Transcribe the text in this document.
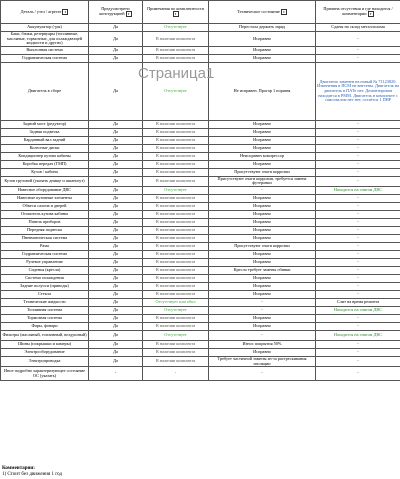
Деталь / узел / агрегат ▾	Предусмотрено конструкцией ▾	Примечания по комплектности ▾	Техническое состояние ▾	Причина отсутствия и где находится / комментарии ▾
Аккумулятор (-ры)	Да	Отсутствует	Перестала держать заряд	Сданы на склад металлолома
Баки, бачки, резервуары (топливные, масляные, тормозные, для охлаждающей жидкости и других)	Да	В наличии комплекта	Исправно	-
Выхлопная система	Да	В наличии комплекта	Исправно	-
Гидравлическая система	Да	В наличии комплекта	Исправно	-
Двигатель в сборе	Да	Отсутствует	Не исправен. Прогар 1 поршня	Двигатель заменен на новый № 71123820. Изменения в ПСМ не внесены. Двигатель на двигатель в ПАТе нет. Демонтирован находится в РММ. Двигатель в комплекте с самосвалом нет нет, остаётся 1 ПНР
Задний мост (редуктор)	Да	В наличии комплекта	Исправно	-
Задняя подвеска	Да	В наличии комплекта	Исправно	-
Карданный вал задний	Да	В наличии комплекта	Исправно	-
Колесные диски	Да	В наличии комплекта	Исправно	-
Кондиционер кузова кабины	Да	В наличии комплекта	Неисправен компрессор	-
Коробка передач (ГМП)	Да	В наличии комплекта	Исправно	-
Кузов / кабина	Да	В наличии комплекта	Присутствуют очаги коррозии	-
Кузов грузовой (указать днище и шпангоут)	Да	В наличии комплекта	Присутствуют очаги коррозии, требуется замена футеровки	-
Навесное оборудование ДВС	Да	Отсутствует	-	Находится на снятом ДВС
Навесные кузовные элементы	Да	В наличии комплекта	Исправно	-
Обвеси салона и дверей	Да	В наличии комплекта	Исправно	-
Отопитель кузова кабины	Да	В наличии комплекта	Исправно	-
Панель приборов	Да	В наличии комплекта	Исправно	-
Передняя подвеска	Да	В наличии комплекта	Исправно	-
Пневматическая система	Да	В наличии комплекта	Исправно	-
Рама	Да	В наличии комплекта	Присутствуют очаги коррозии	-
Гидравлическая система	Да	В наличии комплекта	Исправно	-
Рулевое управление	Да	В наличии комплекта	Исправно	-
Сиденья (кресла)	Да	В наличии комплекта	Кресло требует замены обивки	-
Система охлаждения	Да	В наличии комплекта	Исправно	-
Задние полуоси (приводы)	Да	В наличии комплекта	Исправно	-
Стекла	Да	В наличии комплекта	Исправно	-
Технические жидкости	Да	Отсутствует или обкл	-	Слит на время ремонта
Топливная система	Да	Отсутствует	-	Находится на снятом ДВС
Тормозная система	Да	В наличии комплекта	Исправно	-
Фары, фонари	Да	В наличии комплекта	Исправно	-
Фильтры (масляный, топливный, воздушный)	Да	Отсутствует	-	Находится на снятом ДВС
Шины (покрышки и камеры)	Да	В наличии комплекта	Износ покрытия 50%	-
Электрооборудование	Да	В наличии комплекта	Исправно	-
Электропроводка	Да	В наличии комплекта	Требует частичной замены из-за растрескивания изоляции	-
Иное подробно характеризующее состояние ОС (указать)	-	-	-	-
Страница1
Комментарии:
1) Стоит без движения 1 год
